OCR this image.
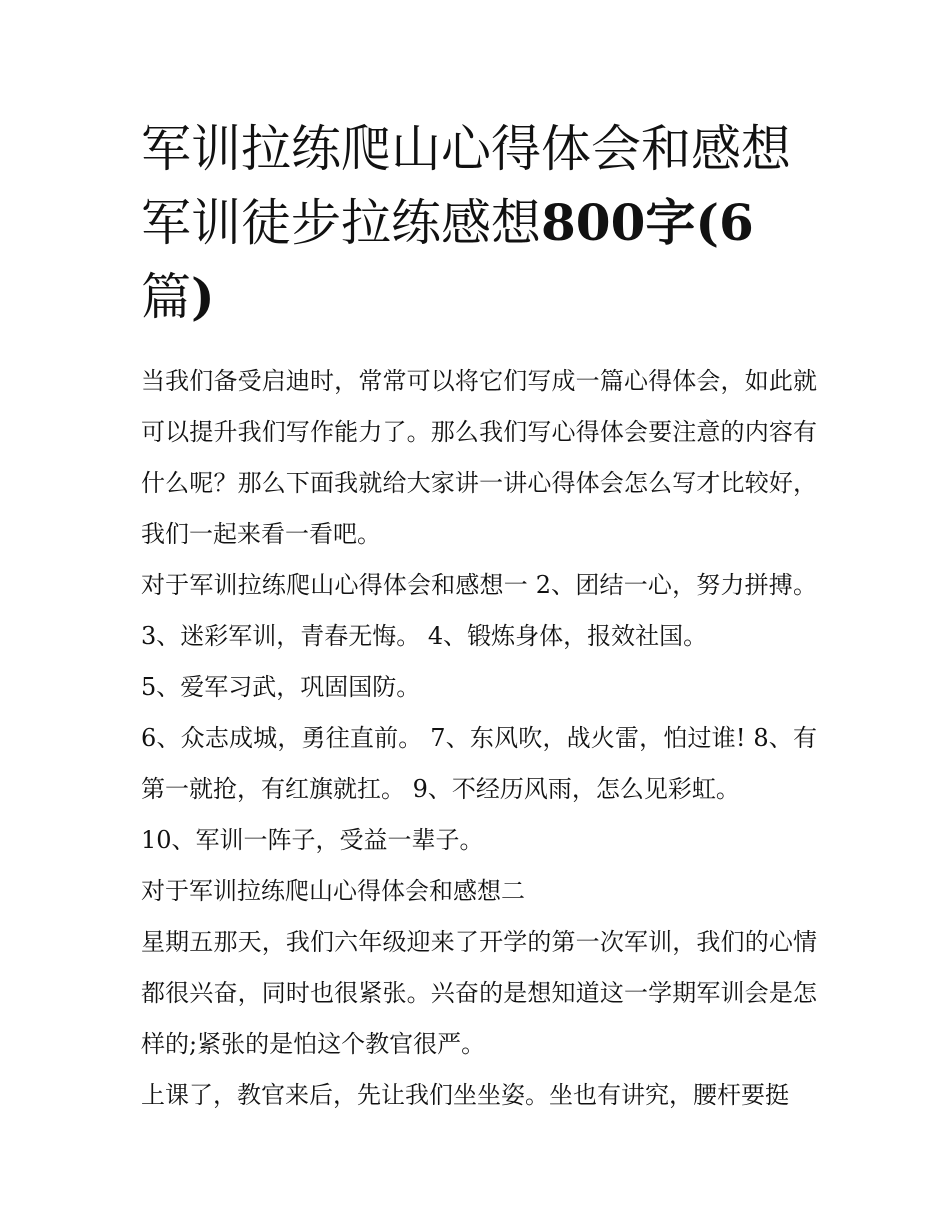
军训拉练爬山心得体会和感想
军训徒步拉练感想800字(6
篇)

当我们备受启迪时，常常可以将它们写成一篇心得体会，如此就可以提升我们写作能力了。那么我们写心得体会要注意的内容有什么呢？那么下面我就给大家讲一讲心得体会怎么写才比较好，我们一起来看一看吧。

对于军训拉练爬山心得体会和感想一 2、团结一心，努力拼搏。 3、迷彩军训，青春无悔。 4、锻炼身体，报效社国。

5、爱军习武，巩固国防。

6、众志成城，勇往直前。 7、东风吹，战火雷，怕过谁! 8、有第一就抢，有红旗就扛。 9、不经历风雨，怎么见彩虹。

10、军训一阵子，受益一辈子。

对于军训拉练爬山心得体会和感想二

星期五那天，我们六年级迎来了开学的第一次军训，我们的心情都很兴奋，同时也很紧张。兴奋的是想知道这一学期军训会是怎样的;紧张的是怕这个教官很严。

上课了，教官来后，先让我们坐坐姿。坐也有讲究，腰杆要挺
